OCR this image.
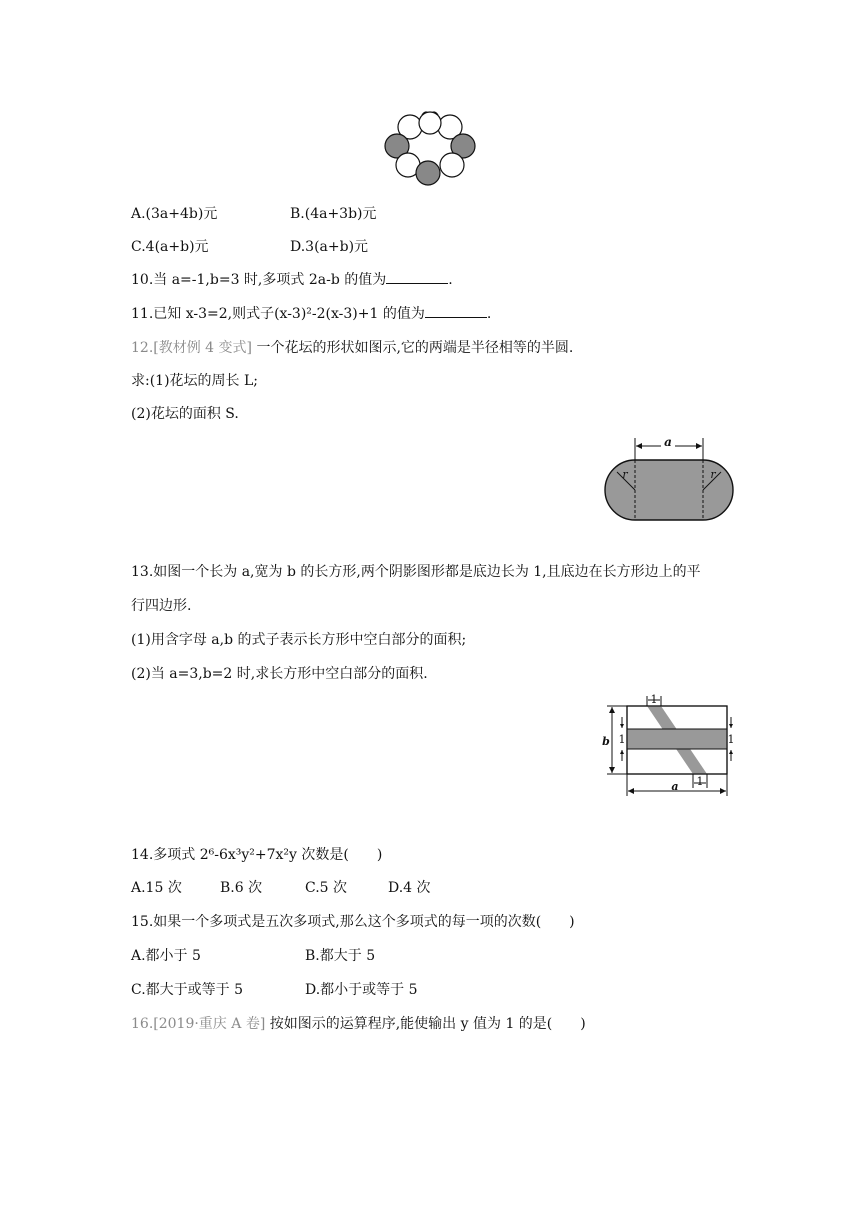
A.(3a+4b)元	B.(4a+3b)元
C.4(a+b)元	D.3(a+b)元
10.当 a=-1,b=3 时,多项式 2a-b 的值为	.
11.已知 x-3=2,则式子(x-3)²-2(x-3)+1 的值为	.
12.[教材例 4 变式] 一个花坛的形状如图示,它的两端是半径相等的半圆.
求:(1)花坛的周长 L;
(2)花坛的面积 S.
a
r	r
13.如图一个长为 a,宽为 b 的长方形,两个阴影图形都是底边长为 1,且底边在长方形边上的平
行四边形.
(1)用含字母 a,b 的式子表示长方形中空白部分的面积;
(2)当 a=3,b=2 时,求长方形中空白部分的面积.
1
1
a
b 1	1
14.多项式 2⁶-6x³y²+7x²y 次数是(　　)
A.15 次	B.6 次	C.5 次	D.4 次
15.如果一个多项式是五次多项式,那么这个多项式的每一项的次数(　　)
A.都小于 5	B.都大于 5
C.都大于或等于 5	D.都小于或等于 5
16.[2019·重庆 A 卷] 按如图示的运算程序,能使输出 y 值为 1 的是(　　)
